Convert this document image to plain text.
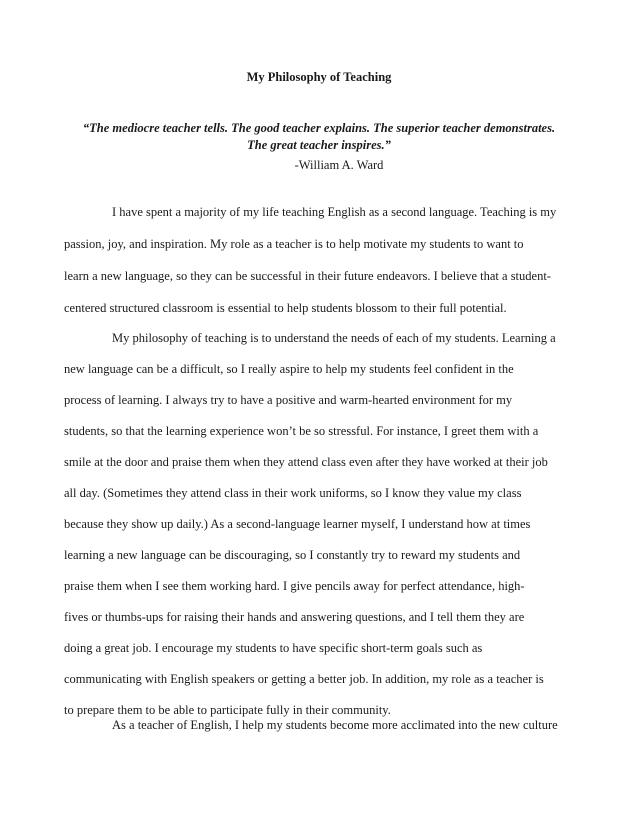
My Philosophy of Teaching
“The mediocre teacher tells. The good teacher explains. The superior teacher demonstrates.
The great teacher inspires.”
-William A. Ward
I have spent a majority of my life teaching English as a second language. Teaching is my
passion, joy, and inspiration. My role as a teacher is to help motivate my students to want to
learn a new language, so they can be successful in their future endeavors. I believe that a student-
centered structured classroom is essential to help students blossom to their full potential.
My philosophy of teaching is to understand the needs of each of my students. Learning a
new language can be a difficult, so I really aspire to help my students feel confident in the
process of learning. I always try to have a positive and warm-hearted environment for my
students, so that the learning experience won’t be so stressful. For instance, I greet them with a
smile at the door and praise them when they attend class even after they have worked at their job
all day. (Sometimes they attend class in their work uniforms, so I know they value my class
because they show up daily.) As a second-language learner myself, I understand how at times
learning a new language can be discouraging, so I constantly try to reward my students and
praise them when I see them working hard. I give pencils away for perfect attendance, high-
fives or thumbs-ups for raising their hands and answering questions, and I tell them they are
doing a great job. I encourage my students to have specific short-term goals such as
communicating with English speakers or getting a better job. In addition, my role as a teacher is
to prepare them to be able to participate fully in their community.
As a teacher of English, I help my students become more acclimated into the new culture
